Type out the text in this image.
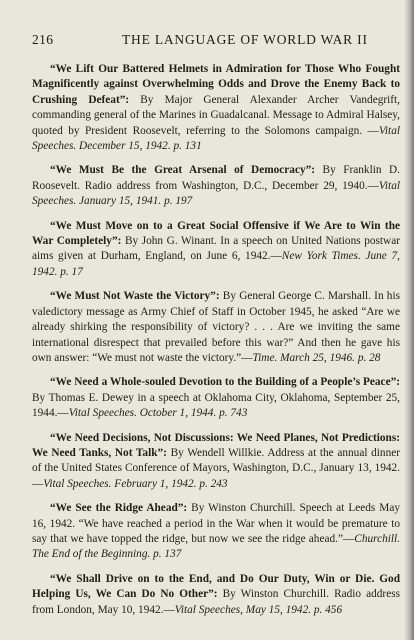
216	THE LANGUAGE OF WORLD WAR II

“We Lift Our Battered Helmets in Admiration for Those Who Fought Magnificently against Overwhelming Odds and Drove the Enemy Back to Crushing Defeat”: By Major General Alexander Archer Vandegrift, commanding general of the Marines in Guadalcanal. Message to Admiral Halsey, quoted by President Roosevelt, referring to the Solomons campaign. —Vital Speeches. December 15, 1942. p. 131

“We Must Be the Great Arsenal of Democracy”: By Franklin D. Roosevelt. Radio address from Washington, D.C., December 29, 1940.—Vital Speeches. January 15, 1941. p. 197

“We Must Move on to a Great Social Offensive if We Are to Win the War Completely”: By John G. Winant. In a speech on United Nations postwar aims given at Durham, England, on June 6, 1942.—New York Times. June 7, 1942. p. 17

“We Must Not Waste the Victory”: By General George C. Marshall. In his valedictory message as Army Chief of Staff in October 1945, he asked “Are we already shirking the responsibility of victory? . . . Are we inviting the same international disrespect that prevailed before this war?” And then he gave his own answer: “We must not waste the victory.”—Time. March 25, 1946. p. 28

“We Need a Whole-souled Devotion to the Building of a People’s Peace”: By Thomas E. Dewey in a speech at Oklahoma City, Oklahoma, September 25, 1944.—Vital Speeches. October 1, 1944. p. 743

“We Need Decisions, Not Discussions: We Need Planes, Not Predictions: We Need Tanks, Not Talk”: By Wendell Willkie. Address at the annual dinner of the United States Conference of Mayors, Washington, D.C., January 13, 1942.—Vital Speeches. February 1, 1942. p. 243

“We See the Ridge Ahead”: By Winston Churchill. Speech at Leeds May 16, 1942. “We have reached a period in the War when it would be premature to say that we have topped the ridge, but now we see the ridge ahead.”—Churchill. The End of the Beginning. p. 137

“We Shall Drive on to the End, and Do Our Duty, Win or Die. God Helping Us, We Can Do No Other”: By Winston Churchill. Radio address from London, May 10, 1942.—Vital Speeches, May 15, 1942. p. 456
